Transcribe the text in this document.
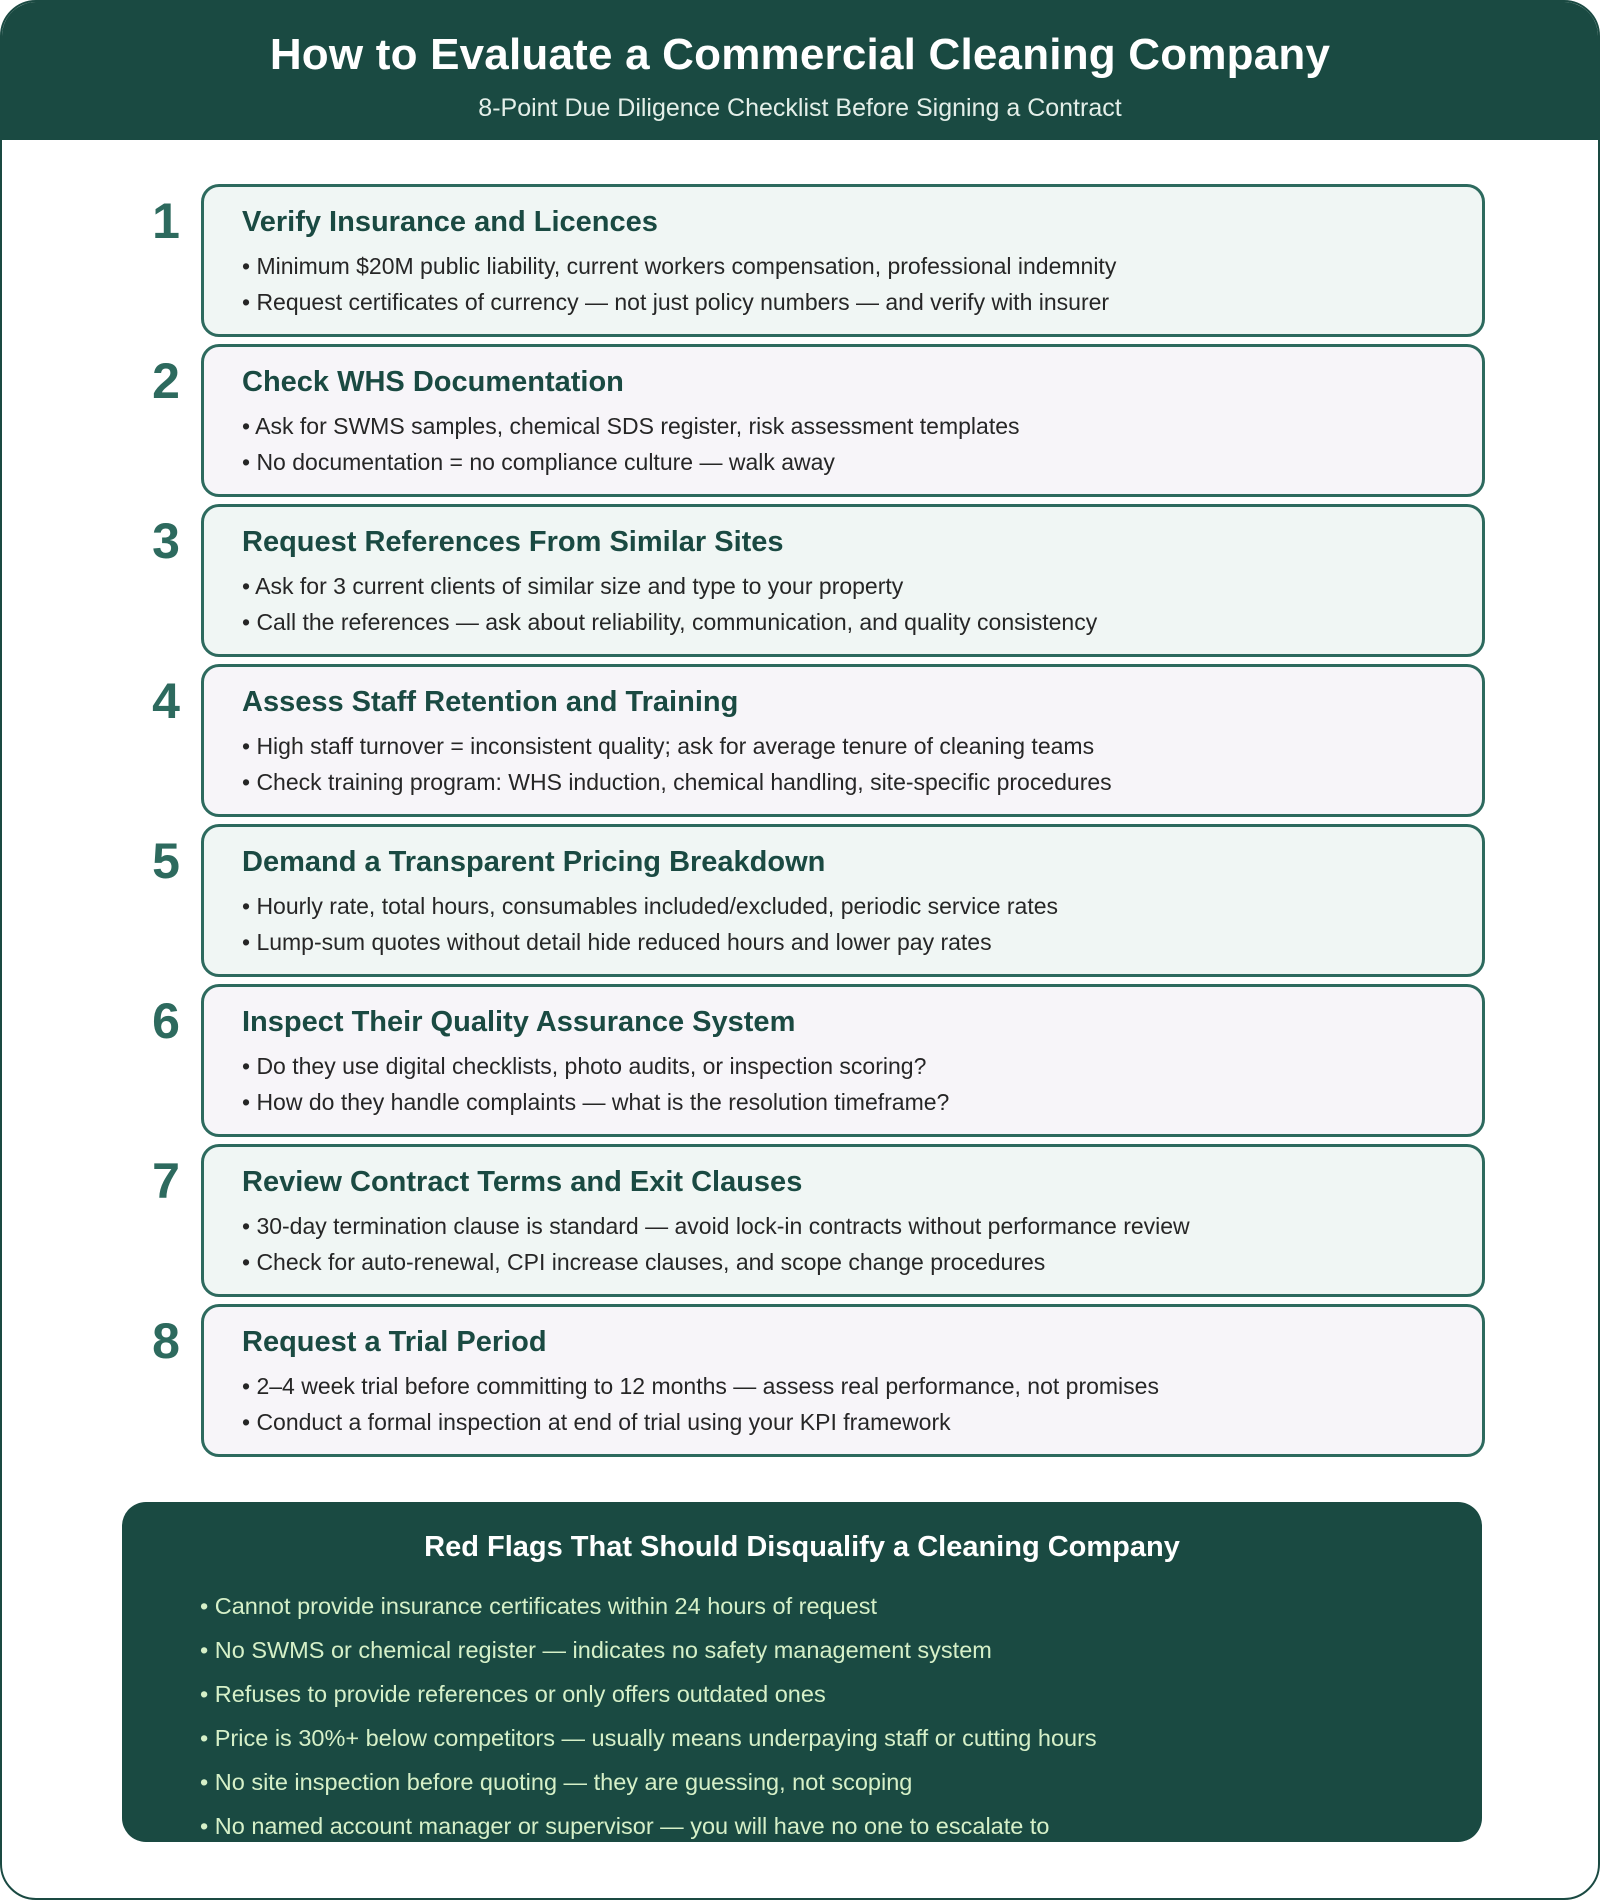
How to Evaluate a Commercial Cleaning Company
8-Point Due Diligence Checklist Before Signing a Contract
1	Verify Insurance and Licences
• Minimum $20M public liability, current workers compensation, professional indemnity
• Request certificates of currency — not just policy numbers — and verify with insurer
2	Check WHS Documentation
• Ask for SWMS samples, chemical SDS register, risk assessment templates
• No documentation = no compliance culture — walk away
3	Request References From Similar Sites
• Ask for 3 current clients of similar size and type to your property
• Call the references — ask about reliability, communication, and quality consistency
4	Assess Staff Retention and Training
• High staff turnover = inconsistent quality; ask for average tenure of cleaning teams
• Check training program: WHS induction, chemical handling, site-specific procedures
5	Demand a Transparent Pricing Breakdown
• Hourly rate, total hours, consumables included/excluded, periodic service rates
• Lump-sum quotes without detail hide reduced hours and lower pay rates
6	Inspect Their Quality Assurance System
• Do they use digital checklists, photo audits, or inspection scoring?
• How do they handle complaints — what is the resolution timeframe?
7	Review Contract Terms and Exit Clauses
• 30-day termination clause is standard — avoid lock-in contracts without performance review
• Check for auto-renewal, CPI increase clauses, and scope change procedures
8	Request a Trial Period
• 2–4 week trial before committing to 12 months — assess real performance, not promises
• Conduct a formal inspection at end of trial using your KPI framework
Red Flags That Should Disqualify a Cleaning Company
• Cannot provide insurance certificates within 24 hours of request
• No SWMS or chemical register — indicates no safety management system
• Refuses to provide references or only offers outdated ones
• Price is 30%+ below competitors — usually means underpaying staff or cutting hours
• No site inspection before quoting — they are guessing, not scoping
• No named account manager or supervisor — you will have no one to escalate to
